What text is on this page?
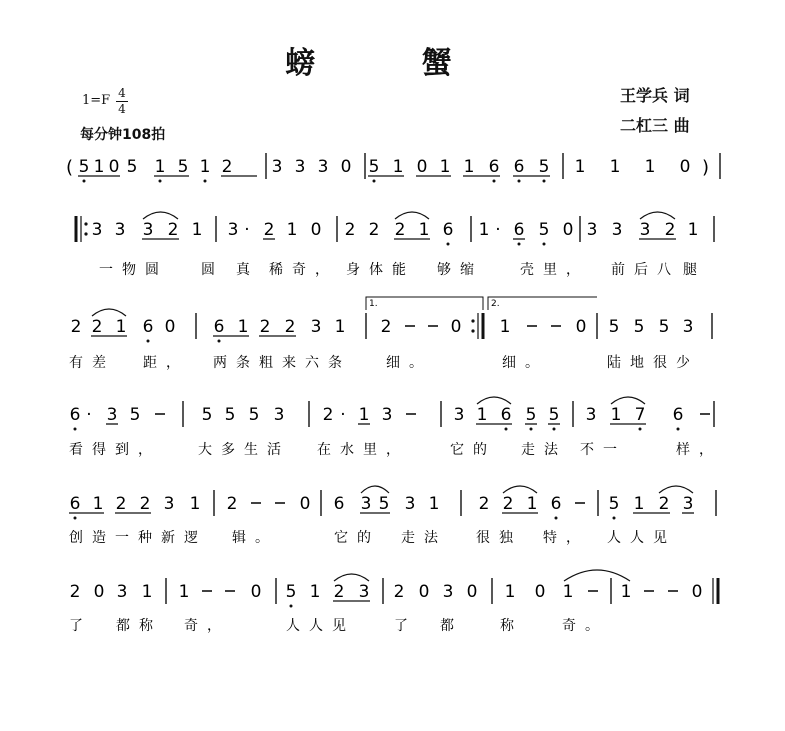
螃 蟹
1=F 4
4
每分钟108拍
王学兵 词
二杠三 曲
(	)
5 1 0 5 1 5 1 2 3 3 3 0 5 1 0 1 1 6 6 5 1 1 1 0
3 3 3 2 1 3 · 2 1 0 2 2 2 1 6 1 · 6 5 0 3 3 3 2 1
一物圆 圆 真 稀奇， 身体能 够缩	壳里， 前后八 腿
1.	2.
2 2 1 6 0 6 1 2 2 3 1 2	0 1	0 5 5 5 3
有差 距， 两条粗来六条	细。	细。	陆地很少
6 · 3 5	5 5 5 3 2 · 1 3	3 1 6 5 5 3 1 7 6
看得到，	大多生活 在水里，	它的 走法 不一	样，
6 1 2 2 3 1 2	0 6 3 5 3 1 2 2 1 6	5 1 2 3
创造一种新逻 辑。	它的 走法 很独 特， 人人见
2 0 3 1 1	0 5 1 2 3 2 0 3 0 1 0 1	1	0
了 都称 奇，	人人见	了 都	称	奇。
